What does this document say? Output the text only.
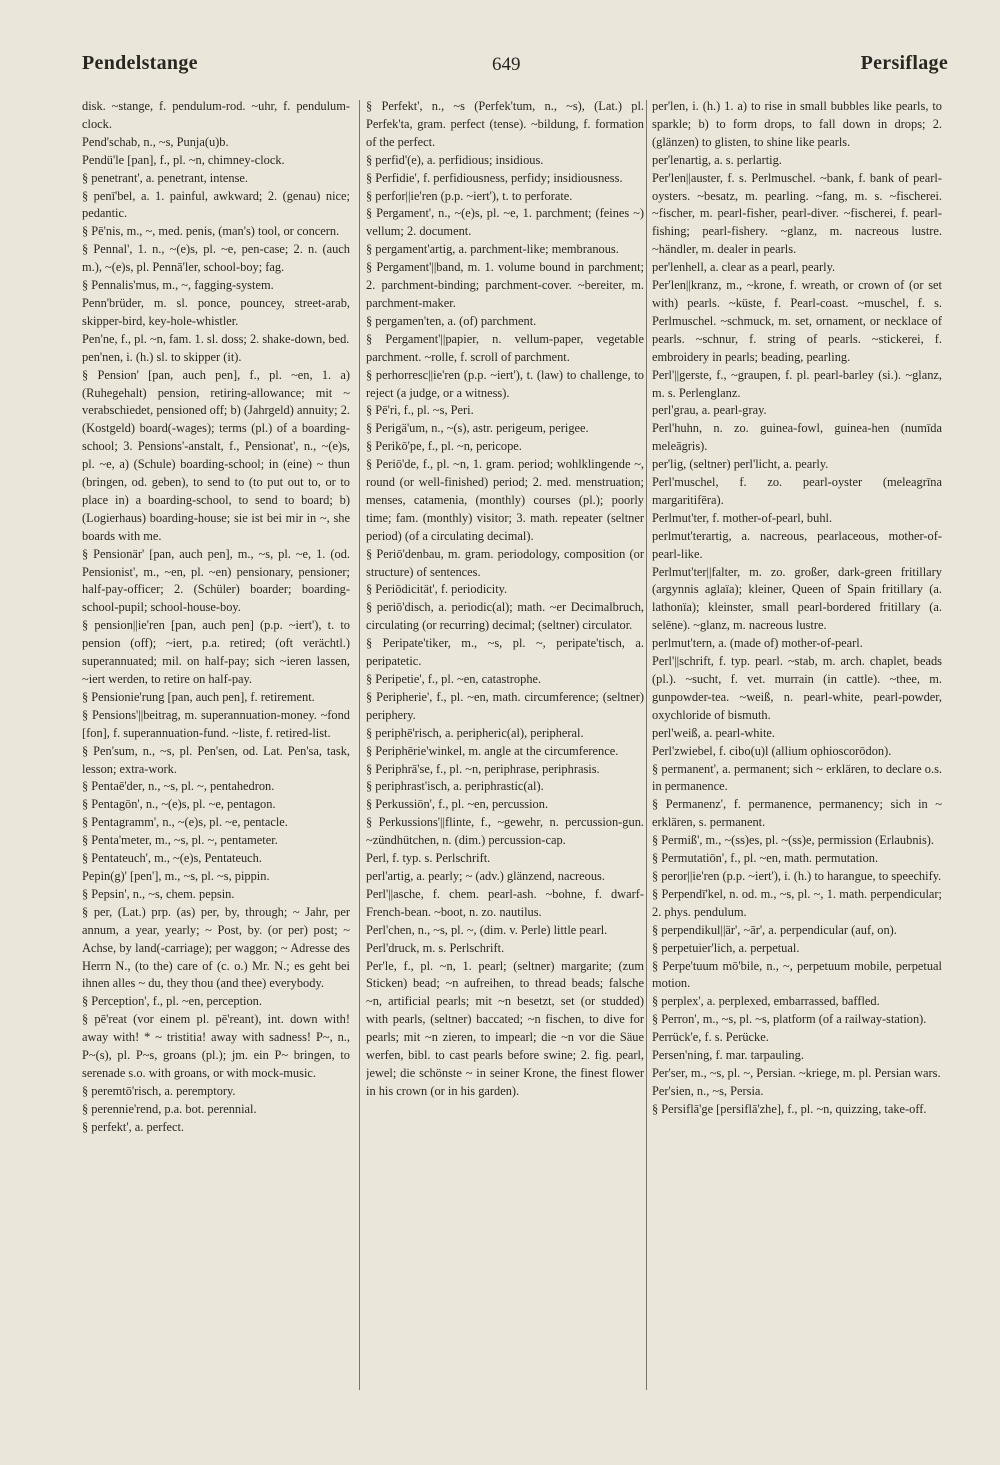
Pendelstange	649	Persiflage

disk. ~stange, f. pendulum-rod. ~uhr, f. pendulum-clock.

Pend'schab, n., ~s, Punja(u)b.

Pendü'le [pan], f., pl. ~n, chimney-clock.

§ penetrant', a. penetrant, intense.

§ penī'bel, a. 1. painful, awkward; 2. (genau) nice; pedantic.

§ Pē'nis, m., ~, med. penis, (man's) tool, or concern.

§ Pennal', 1. n., ~(e)s, pl. ~e, pen-case; 2. n. (auch m.), ~(e)s, pl. Pennā'ler, school-boy; fag.

§ Pennalis'mus, m., ~, fagging-system.

Penn'brüder, m. sl. ponce, pouncey, street-arab, skipper-bird, key-hole-whistler.

Pen'ne, f., pl. ~n, fam. 1. sl. doss; 2. shake-down, bed.

pen'nen, i. (h.) sl. to skipper (it).

§ Pension' [pan, auch pen], f., pl. ~en, 1. a) (Ruhegehalt) pension, retiring-allowance; mit ~ verabschiedet, pensioned off; b) (Jahrgeld) annuity; 2. (Kostgeld) board(-wages); terms (pl.) of a boarding-school; 3. Pensions'-anstalt, f., Pensionat', n., ~(e)s, pl. ~e, a) (Schule) boarding-school; in (eine) ~ thun (bringen, od. geben), to send to (to put out to, or to place in) a boarding-school, to send to board; b) (Logierhaus) boarding-house; sie ist bei mir in ~, she boards with me.

§ Pensionär' [pan, auch pen], m., ~s, pl. ~e, 1. (od. Pensionist', m., ~en, pl. ~en) pensionary, pensioner; half-pay-officer; 2. (Schüler) boarder; boarding-school-pupil; school-house-boy.

§ pension||ie'ren [pan, auch pen] (p.p. ~iert'), t. to pension (off); ~iert, p.a. retired; (oft verächtl.) superannuated; mil. on half-pay; sich ~ieren lassen, ~iert werden, to retire on half-pay.

§ Pensionie'rung [pan, auch pen], f. retirement.

§ Pensions'||beitrag, m. superannuation-money. ~fond [fon], f. superannuation-fund. ~liste, f. retired-list.

§ Pen'sum, n., ~s, pl. Pen'sen, od. Lat. Pen'sa, task, lesson; extra-work.

§ Pentaē'der, n., ~s, pl. ~, pentahedron.

§ Pentagōn', n., ~(e)s, pl. ~e, pentagon.

§ Pentagramm', n., ~(e)s, pl. ~e, pentacle.

§ Penta'meter, m., ~s, pl. ~, pentameter.

§ Pentateuch', m., ~(e)s, Pentateuch.

Pepin(g)' [pen'], m., ~s, pl. ~s, pippin.

§ Pepsin', n., ~s, chem. pepsin.

§ per, (Lat.) prp. (as) per, by, through; ~ Jahr, per annum, a year, yearly; ~ Post, by. (or per) post; ~ Achse, by land(-carriage); per waggon; ~ Adresse des Herrn N., (to the) care of (c. o.) Mr. N.; es geht bei ihnen alles ~ du, they thou (and thee) everybody.

§ Perception', f., pl. ~en, perception.

§ pē'reat (vor einem pl. pē'reant), int. down with! away with! * ~ tristitia! away with sadness! P~, n., P~(s), pl. P~s, groans (pl.); jm. ein P~ bringen, to serenade s.o. with groans, or with mock-music.

§ peremtō'risch, a. peremptory.

§ perennie'rend, p.a. bot. perennial.

§ perfekt', a. perfect.

§ Perfekt', n., ~s (Perfek'tum, n., ~s), (Lat.) pl. Perfek'ta, gram. perfect (tense). ~bildung, f. formation of the perfect.

§ perfid'(e), a. perfidious; insidious.

§ Perfidie', f. perfidiousness, perfidy; insidiousness.

§ perfor||ie'ren (p.p. ~iert'), t. to perforate.

§ Pergament', n., ~(e)s, pl. ~e, 1. parchment; (feines ~) vellum; 2. document.

§ pergament'artig, a. parchment-like; membranous.

§ Pergament'||band, m. 1. volume bound in parchment; 2. parchment-binding; parchment-cover. ~bereiter, m. parchment-maker.

§ pergamen'ten, a. (of) parchment.

§ Pergament'||papier, n. vellum-paper, vegetable parchment. ~rolle, f. scroll of parchment.

§ perhorresc||ie'ren (p.p. ~iert'), t. (law) to challenge, to reject (a judge, or a witness).

§ Pē'ri, f., pl. ~s, Peri.

§ Perigä'um, n., ~(s), astr. perigeum, perigee.

§ Perikō'pe, f., pl. ~n, pericope.

§ Periō'de, f., pl. ~n, 1. gram. period; wohlklingende ~, round (or well-finished) period; 2. med. menstruation; menses, catamenia, (monthly) courses (pl.); poorly time; fam. (monthly) visitor; 3. math. repeater (seltner period) (of a circulating decimal).

§ Periō'denbau, m. gram. periodology, composition (or structure) of sentences.

§ Periōdicität', f. periodicity.

§ periō'disch, a. periodic(al); math. ~er Decimalbruch, circulating (or recurring) decimal; (seltner) circulator.

§ Peripate'tiker, m., ~s, pl. ~, peripate'tisch, a. peripatetic.

§ Peripetie', f., pl. ~en, catastrophe.

§ Peripherie', f., pl. ~en, math. circumference; (seltner) periphery.

§ periphē'risch, a. peripheric(al), peripheral.

§ Periphērie'winkel, m. angle at the circumference.

§ Periphrā'se, f., pl. ~n, periphrase, periphrasis.

§ periphrast'isch, a. periphrastic(al).

§ Perkussiōn', f., pl. ~en, percussion.

§ Perkussions'||flinte, f., ~gewehr, n. percussion-gun. ~zündhütchen, n. (dim.) percussion-cap.

Perl, f. typ. s. Perlschrift.

perl'artig, a. pearly; ~ (adv.) glänzend, nacreous.

Perl'||asche, f. chem. pearl-ash. ~bohne, f. dwarf-French-bean. ~boot, n. zo. nautilus.

Perl'chen, n., ~s, pl. ~, (dim. v. Perle) little pearl.

Perl'druck, m. s. Perlschrift.

Per'le, f., pl. ~n, 1. pearl; (seltner) margarite; (zum Sticken) bead; ~n aufreihen, to thread beads; falsche ~n, artificial pearls; mit ~n besetzt, set (or studded) with pearls, (seltner) baccated; ~n fischen, to dive for pearls; mit ~n zieren, to impearl; die ~n vor die Säue werfen, bibl. to cast pearls before swine; 2. fig. pearl, jewel; die schönste ~ in seiner Krone, the finest flower in his crown (or in his garden).

per'len, i. (h.) 1. a) to rise in small bubbles like pearls, to sparkle; b) to form drops, to fall down in drops; 2. (glänzen) to glisten, to shine like pearls.

per'lenartig, a. s. perlartig.

Per'len||auster, f. s. Perlmuschel. ~bank, f. bank of pearl-oysters. ~besatz, m. pearling. ~fang, m. s. ~fischerei. ~fischer, m. pearl-fisher, pearl-diver. ~fischerei, f. pearl-fishing; pearl-fishery. ~glanz, m. nacreous lustre. ~händler, m. dealer in pearls.

per'lenhell, a. clear as a pearl, pearly.

Per'len||kranz, m., ~krone, f. wreath, or crown of (or set with) pearls. ~küste, f. Pearl-coast. ~muschel, f. s. Perlmuschel. ~schmuck, m. set, ornament, or necklace of pearls. ~schnur, f. string of pearls. ~stickerei, f. embroidery in pearls; beading, pearling.

Perl'||gerste, f., ~graupen, f. pl. pearl-barley (si.). ~glanz, m. s. Perlenglanz.

perl'grau, a. pearl-gray.

Perl'huhn, n. zo. guinea-fowl, guinea-hen (numīda meleāgris).

per'lig, (seltner) perl'licht, a. pearly.

Perl'muschel, f. zo. pearl-oyster (meleagrīna margaritifēra).

Perlmut'ter, f. mother-of-pearl, buhl.

perlmut'terartig, a. nacreous, pearlaceous, mother-of-pearl-like.

Perlmut'ter||falter, m. zo. großer, dark-green fritillary (argynnis aglaïa); kleiner, Queen of Spain fritillary (a. lathonïa); kleinster, small pearl-bordered fritillary (a. selēne). ~glanz, m. nacreous lustre.

perlmut'tern, a. (made of) mother-of-pearl.

Perl'||schrift, f. typ. pearl. ~stab, m. arch. chaplet, beads (pl.). ~sucht, f. vet. murrain (in cattle). ~thee, m. gunpowder-tea. ~weiß, n. pearl-white, pearl-powder, oxychloride of bismuth.

perl'weiß, a. pearl-white.

Perl'zwiebel, f. cibo(u)l (allium ophioscorōdon).

§ permanent', a. permanent; sich ~ erklären, to declare o.s. in permanence.

§ Permanenz', f. permanence, permanency; sich in ~ erklären, s. permanent.

§ Permiß', m., ~(ss)es, pl. ~(ss)e, permission (Erlaubnis).

§ Permutatiōn', f., pl. ~en, math. permutation.

§ peror||ie'ren (p.p. ~iert'), i. (h.) to harangue, to speechify.

§ Perpendī'kel, n. od. m., ~s, pl. ~, 1. math. perpendicular; 2. phys. pendulum.

§ perpendikul||är', ~ār', a. perpendicular (auf, on).

§ perpetuier'lich, a. perpetual.

§ Perpe'tuum mō'bile, n., ~, perpetuum mobile, perpetual motion.

§ perplex', a. perplexed, embarrassed, baffled.

§ Perron', m., ~s, pl. ~s, platform (of a railway-station).

Perrück'e, f. s. Perücke.

Persen'ning, f. mar. tarpauling.

Per'ser, m., ~s, pl. ~, Persian. ~kriege, m. pl. Persian wars.

Per'sien, n., ~s, Persia.

§ Persiflā'ge [persiflā'zhe], f., pl. ~n, quizzing, take-off.
